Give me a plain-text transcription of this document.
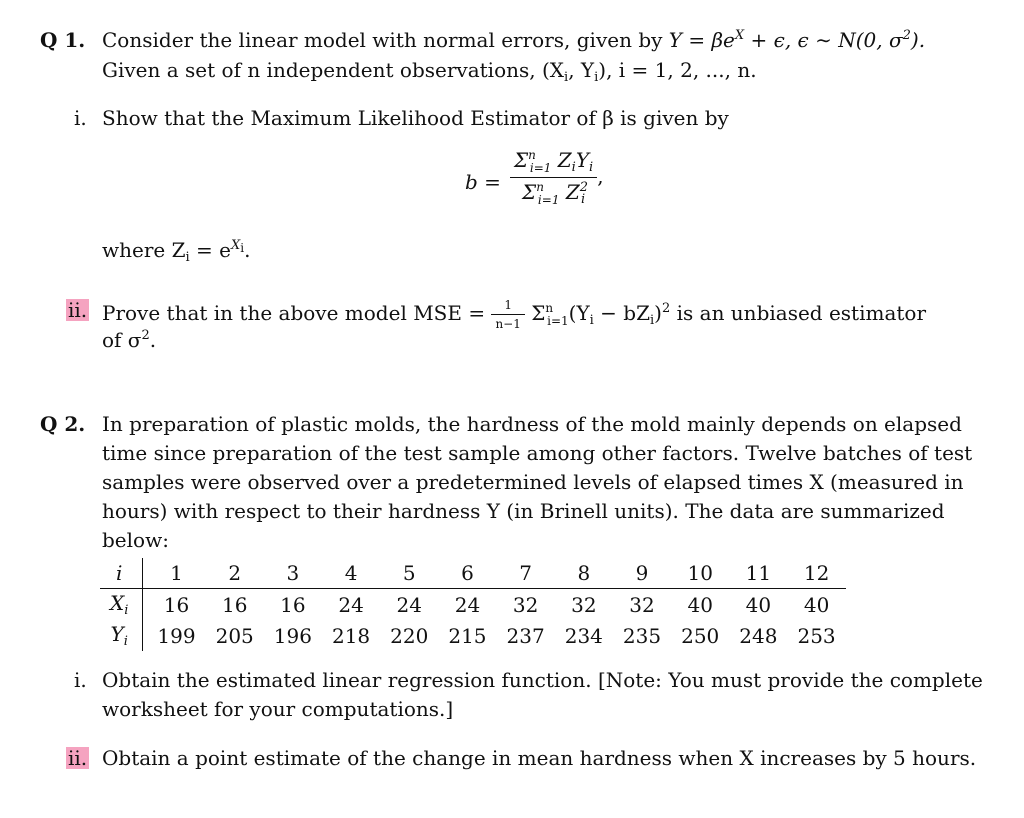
Q 1. Consider the linear model with normal errors, given by $Y = \beta e^X + \epsilon$, ϵ ∼ N(0, $\sigma^2$).
Given a set of n independent observations, ($X_i$, $Y_i$), i = 1, 2, ..., n.
i. Show that the Maximum Likelihood Estimator of β is given by
$b = \frac{\Sigma^n_{i=1} Z_iY_i}{\Sigma^n_{i=1} Z^2_i}$ ,
where $Z_i = e^{Xi}$.
ii. Prove that in the above model MSE = $\frac{1}{n-1} \Sigma^n_{i=1}(Y_i - bZ_i)^2$ is an unbiased estimator
of $\sigma^2$.
Q 2. In preparation of plastic molds, the hardness of the mold mainly depends on elapsed
time since preparation of the test sample among other factors. Twelve batches of test
samples were observed over a predetermined levels of elapsed times X (measured in
hours) with respect to their hardness Y (in Brinell units). The data are summarized
below:
i	1	2	3	4	5	6	7	8	9	10	11	12
$X_i$	16	16	16	24	24	24	32	32	32	40	40	40
$Y_i$	199	205	196	218	220	215	237	234	235	250	248	253
i. Obtain the estimated linear regression function. [Note: You must provide the complete
worksheet for your computations.]
ii. Obtain a point estimate of the change in mean hardness when X increases by 5 hours.
